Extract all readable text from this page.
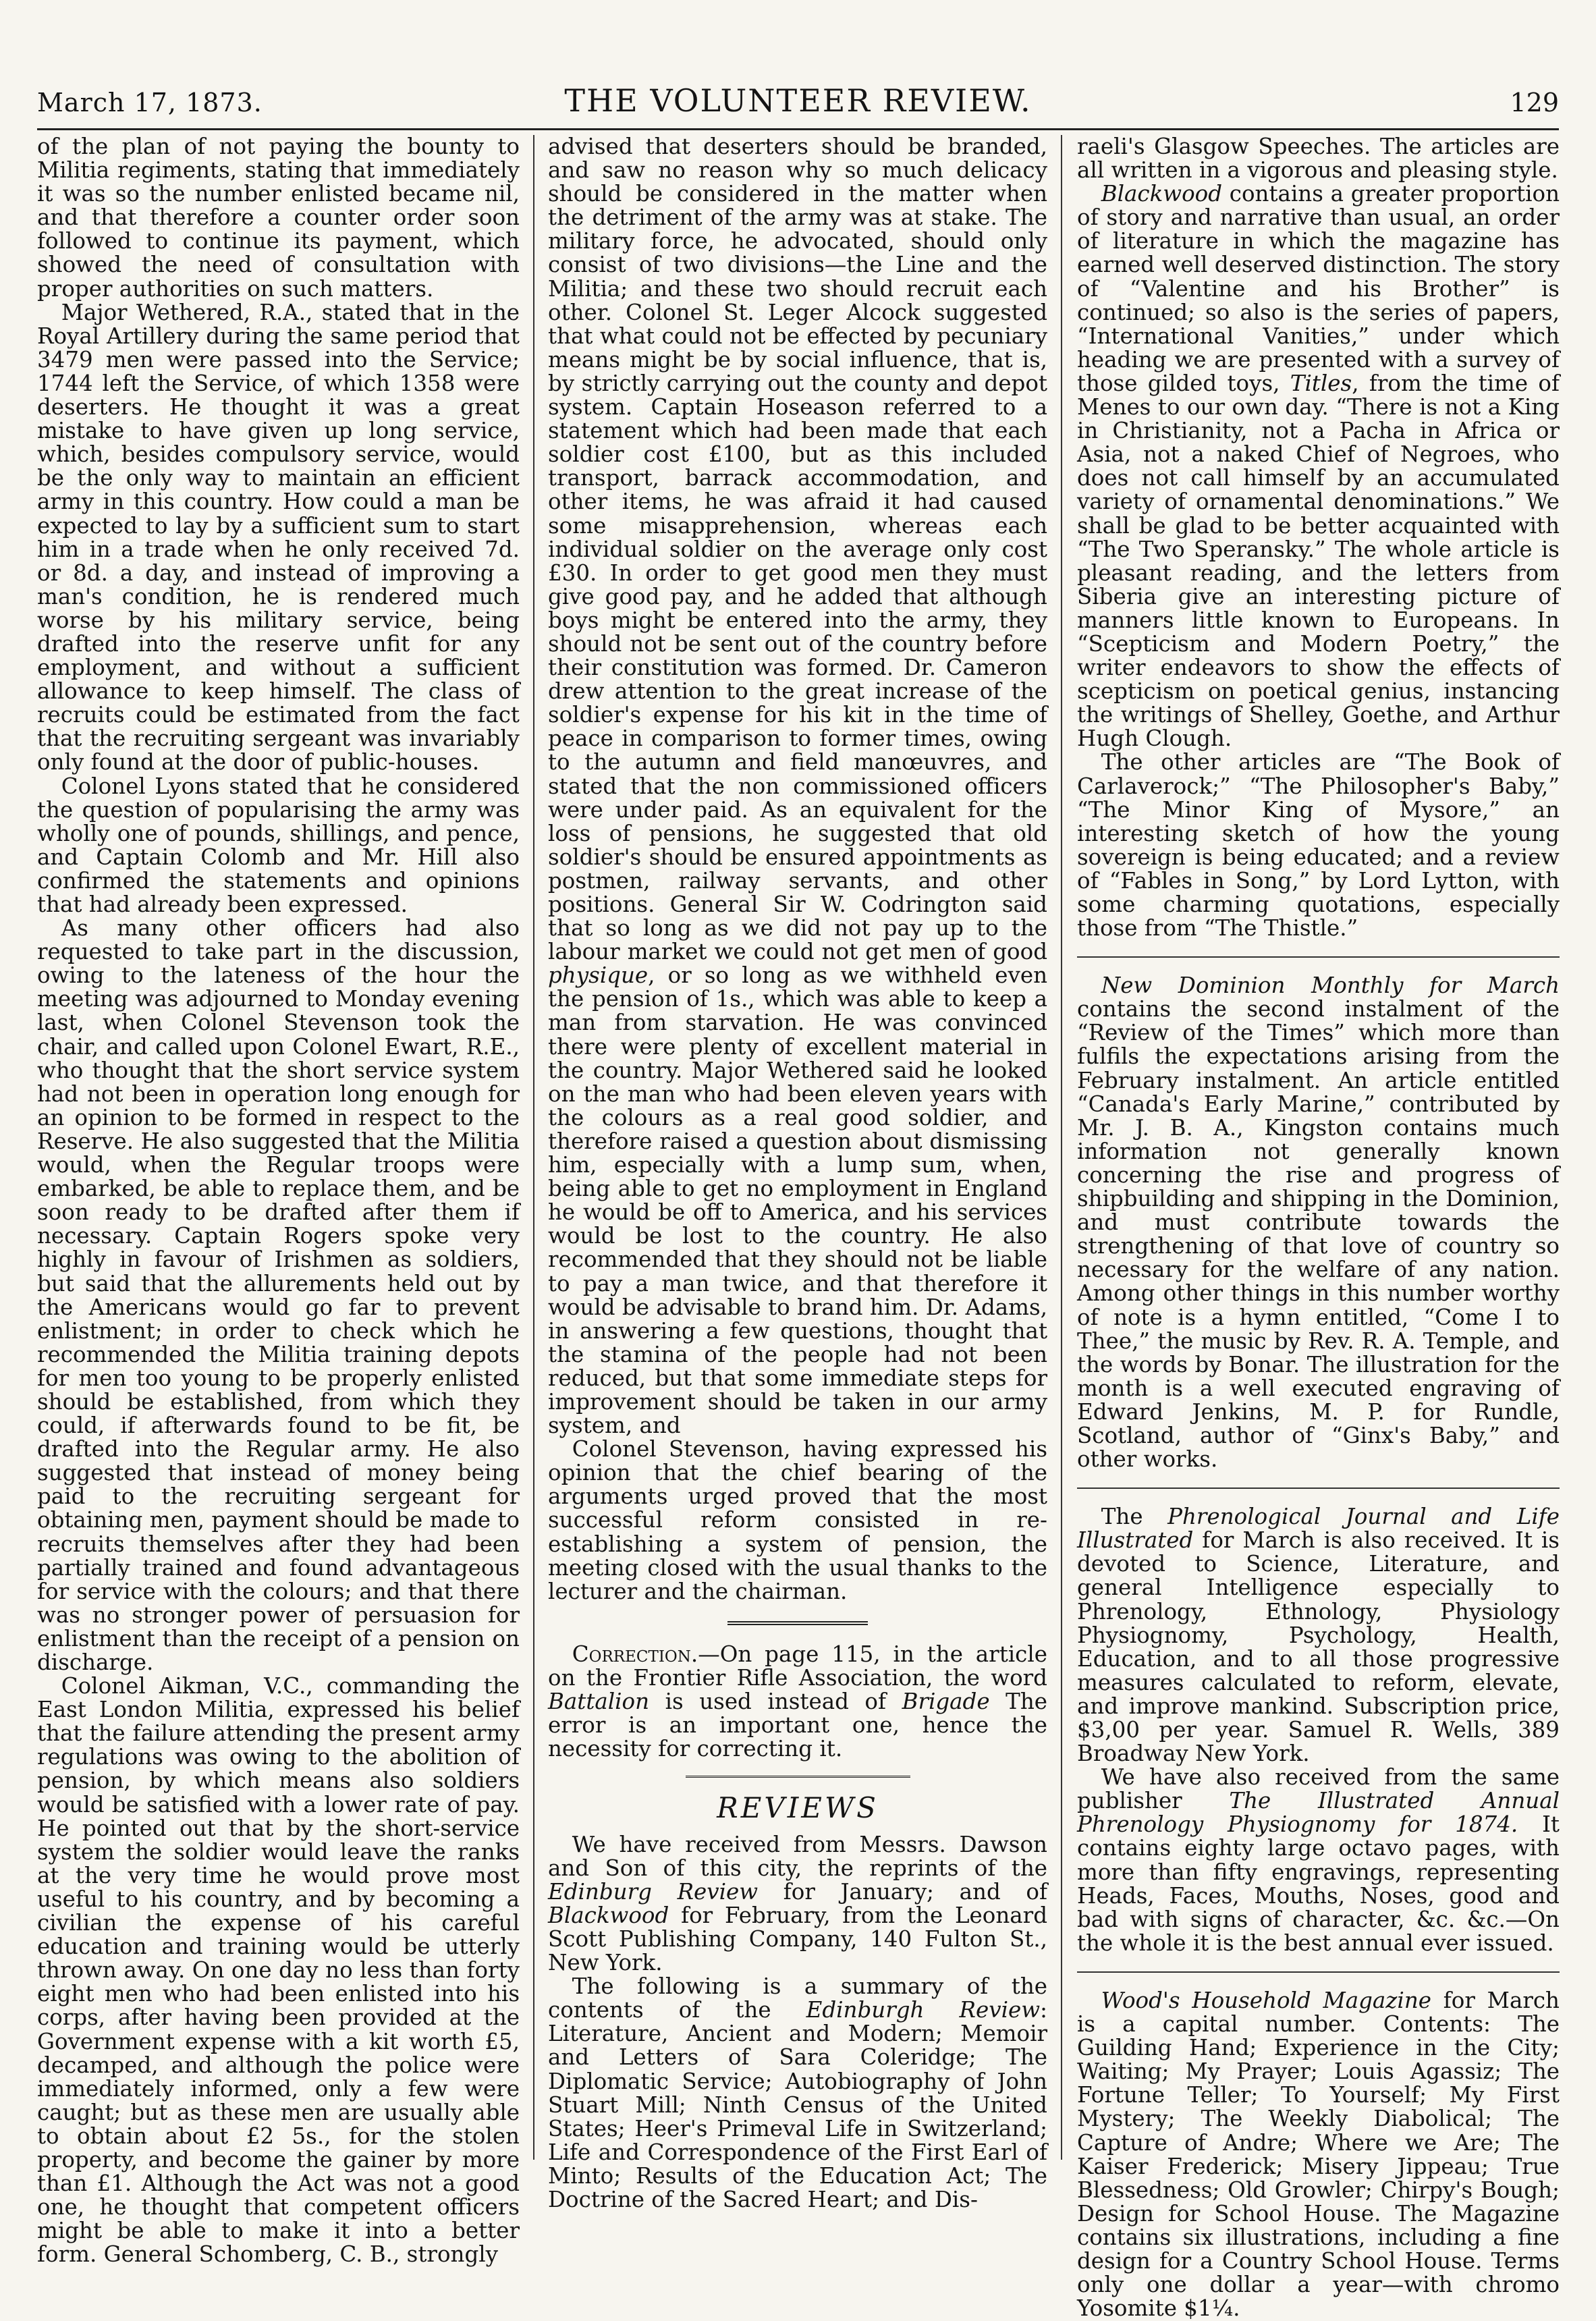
March 17, 1873.	THE VOLUNTEER REVIEW.	129

of the plan of not paying the bounty to Militia regiments, stating that immediately it was so the number enlisted became nil, and that therefore a counter order soon followed to continue its payment, which showed the need of consultation with proper authorities on such matters.

Major Wethered, R.A., stated that in the Royal Artillery during the same period that 3479 men were passed into the Service; 1744 left the Service, of which 1358 were deserters. He thought it was a great mistake to have given up long service, which, besides compulsory service, would be the only way to maintain an efficient army in this country. How could a man be expected to lay by a sufficient sum to start him in a trade when he only received 7d. or 8d. a day, and instead of improving a man's condition, he is rendered much worse by his military service, being drafted into the reserve unfit for any employment, and without a sufficient allowance to keep himself. The class of recruits could be estimated from the fact that the recruiting sergeant was invariably only found at the door of public-houses.

Colonel Lyons stated that he considered the question of popularising the army was wholly one of pounds, shillings, and pence, and Captain Colomb and Mr. Hill also confirmed the statements and opinions that had already been expressed.

As many other officers had also requested to take part in the discussion, owing to the lateness of the hour the meeting was adjourned to Monday evening last, when Colonel Stevenson took the chair, and called upon Colonel Ewart, R.E., who thought that the short service system had not been in operation long enough for an opinion to be formed in respect to the Reserve. He also suggested that the Militia would, when the Regular troops were embarked, be able to replace them, and be soon ready to be drafted after them if necessary. Captain Rogers spoke very highly in favour of Irishmen as soldiers, but said that the allurements held out by the Americans would go far to prevent enlistment; in order to check which he recommended the Militia training depots for men too young to be properly enlisted should be established, from which they could, if afterwards found to be fit, be drafted into the Regular army. He also suggested that instead of money being paid to the recruiting sergeant for obtaining men, payment should be made to recruits themselves after they had been partially trained and found advantageous for service with the colours; and that there was no stronger power of persuasion for enlistment than the receipt of a pension on discharge.

Colonel Aikman, V.C., commanding the East London Militia, expressed his belief that the failure attending the present army regulations was owing to the abolition of pension, by which means also soldiers would be satisfied with a lower rate of pay. He pointed out that by the short-service system the soldier would leave the ranks at the very time he would prove most useful to his country, and by becoming a civilian the expense of his careful education and training would be utterly thrown away. On one day no less than forty eight men who had been enlisted into his corps, after having been provided at the Government expense with a kit worth £5, decamped, and although the police were immediately informed, only a few were caught; but as these men are usually able to obtain about £2 5s., for the stolen property, and become the gainer by more than £1. Although the Act was not a good one, he thought that competent officers might be able to make it into a better form. General Schomberg, C. B., strongly

advised that deserters should be branded, and saw no reason why so much delicacy should be considered in the matter when the detriment of the army was at stake. The military force, he advocated, should only consist of two divisions—the Line and the Militia; and these two should recruit each other. Colonel St. Leger Alcock suggested that what could not be effected by pecuniary means might be by social influence, that is, by strictly carrying out the county and depot system. Captain Hoseason referred to a statement which had been made that each soldier cost £100, but as this included transport, barrack accommodation, and other items, he was afraid it had caused some misapprehension, whereas each individual soldier on the average only cost £30. In order to get good men they must give good pay, and he added that although boys might be entered into the army, they should not be sent out of the country before their constitution was formed. Dr. Cameron drew attention to the great increase of the soldier's expense for his kit in the time of peace in comparison to former times, owing to the autumn and field manœuvres, and stated that the non commissioned officers were under paid. As an equivalent for the loss of pensions, he suggested that old soldier's should be ensured appointments as postmen, railway servants, and other positions. General Sir W. Codrington said that so long as we did not pay up to the labour market we could not get men of good physique, or so long as we withheld even the pension of 1s., which was able to keep a man from starvation. He was convinced there were plenty of excellent material in the country. Major Wethered said he looked on the man who had been eleven years with the colours as a real good soldier, and therefore raised a question about dismissing him, especially with a lump sum, when, being able to get no employment in England he would be off to America, and his services would be lost to the country. He also recommended that they should not be liable to pay a man twice, and that therefore it would be advisable to brand him. Dr. Adams, in answering a few questions, thought that the stamina of the people had not been reduced, but that some immediate steps for improvement should be taken in our army system, and

Colonel Stevenson, having expressed his opinion that the chief bearing of the arguments urged proved that the most successful reform consisted in re-establishing a system of pension, the meeting closed with the usual thanks to the lecturer and the chairman.

Correction.—On page 115, in the article on the Frontier Rifle Association, the word Battalion is used instead of Brigade The error is an important one, hence the necessity for correcting it.

REVIEWS

We have received from Messrs. Dawson and Son of this city, the reprints of the Edinburg Review for January; and of Blackwood for February, from the Leonard Scott Publishing Company, 140 Fulton St., New York.

The following is a summary of the contents of the Edinburgh Review: Literature, Ancient and Modern; Memoir and Letters of Sara Coleridge; The Diplomatic Service; Autobiography of John Stuart Mill; Ninth Census of the United States; Heer's Primeval Life in Switzerland; Life and Correspondence of the First Earl of Minto; Results of the Education Act; The Doctrine of the Sacred Heart; and Dis-

raeli's Glasgow Speeches. The articles are all written in a vigorous and pleasing style.

Blackwood contains a greater proportion of story and narrative than usual, an order of literature in which the magazine has earned well deserved distinction. The story of “Valentine and his Brother” is continued; so also is the series of papers, “International Vanities,” under which heading we are presented with a survey of those gilded toys, Titles, from the time of Menes to our own day. “There is not a King in Christianity, not a Pacha in Africa or Asia, not a naked Chief of Negroes, who does not call himself by an accumulated variety of ornamental denominations.” We shall be glad to be better acquainted with “The Two Speransky.” The whole article is pleasant reading, and the letters from Siberia give an interesting picture of manners little known to Europeans. In “Scepticism and Modern Poetry,” the writer endeavors to show the effects of scepticism on poetical genius, instancing the writings of Shelley, Goethe, and Arthur Hugh Clough.

The other articles are “The Book of Carlaverock;” “The Philosopher's Baby,” “The Minor King of Mysore,” an interesting sketch of how the young sovereign is being educated; and a review of “Fables in Song,” by Lord Lytton, with some charming quotations, especially those from “The Thistle.”

New Dominion Monthly for March contains the second instalment of the “Review of the Times” which more than fulfils the expectations arising from the February instalment. An article entitled “Canada's Early Marine,” contributed by Mr. J. B. A., Kingston contains much information not generally known concerning the rise and progress of shipbuilding and shipping in the Dominion, and must contribute towards the strengthening of that love of country so necessary for the welfare of any nation. Among other things in this number worthy of note is a hymn entitled, “Come I to Thee,” the music by Rev. R. A. Temple, and the words by Bonar. The illustration for the month is a well executed engraving of Edward Jenkins, M. P. for Rundle, Scotland, author of “Ginx's Baby,” and other works.

The Phrenological Journal and Life Illustrated for March is also received. It is devoted to Science, Literature, and general Intelligence especially to Phrenology, Ethnology, Physiology Physiognomy, Psychology, Health, Education, and to all those progressive measures calculated to reform, elevate, and improve mankind. Subscription price, $3,00 per year. Samuel R. Wells, 389 Broadway New York.

We have also received from the same publisher The Illustrated Annual Phrenology Physiognomy for 1874. It contains eighty large octavo pages, with more than fifty engravings, representing Heads, Faces, Mouths, Noses, good and bad with signs of character, &c. &c.—On the whole it is the best annual ever issued.

Wood's Household Magazine for March is a capital number. Contents: The Guilding Hand; Experience in the City; Waiting; My Prayer; Louis Agassiz; The Fortune Teller; To Yourself; My First Mystery; The Weekly Diabolical; The Capture of Andre; Where we Are; The Kaiser Frederick; Misery Jippeau; True Blessedness; Old Growler; Chirpy's Bough; Design for School House. The Magazine contains six illustrations, including a fine design for a Country School House. Terms only one dollar a year—with chromo Yosomite $1¼.
